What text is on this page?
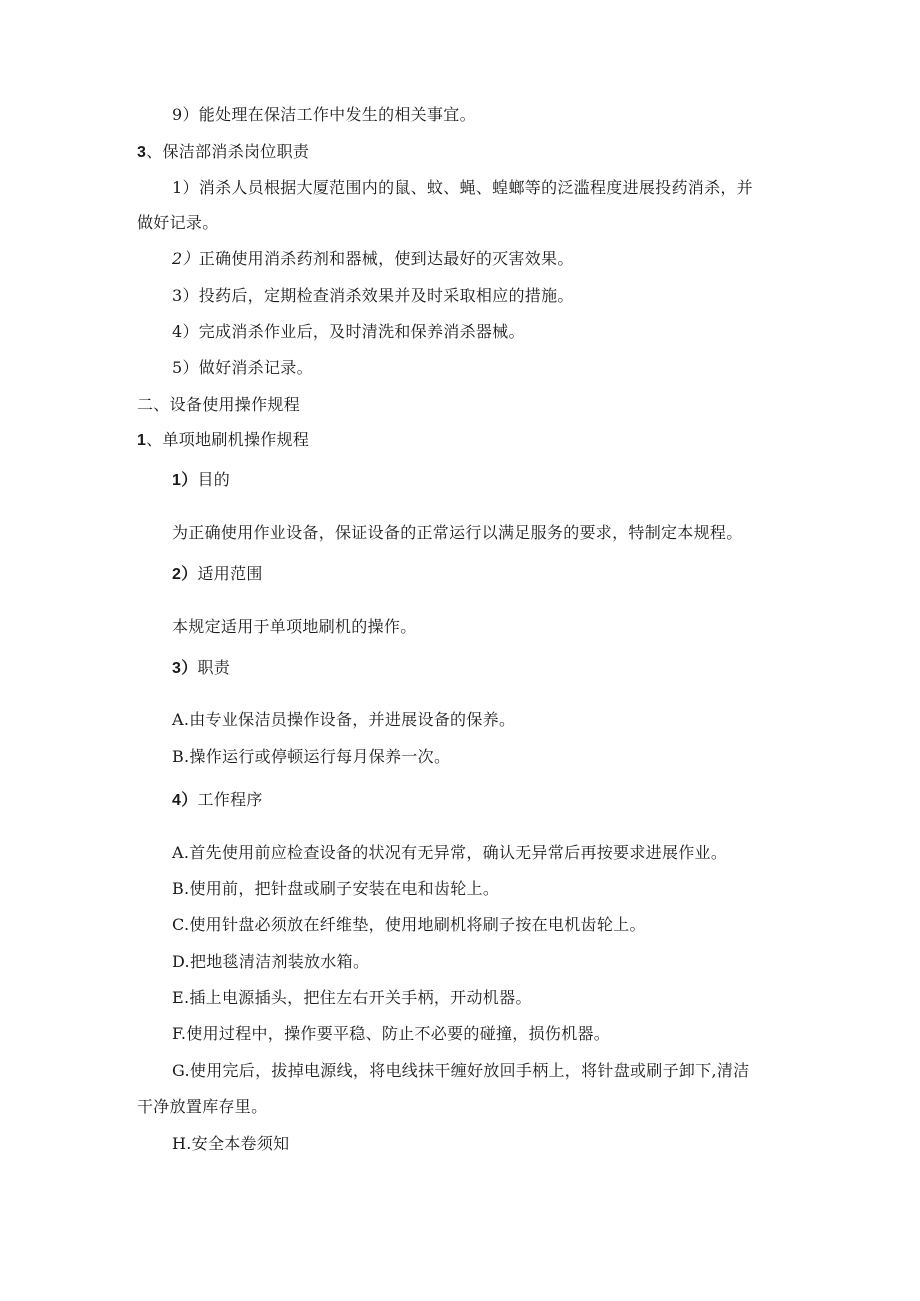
9）能处理在保洁工作中发生的相关事宜。
3、保洁部消杀岗位职责
1）消杀人员根据大厦范围内的鼠、蚊、蝇、蝗螂等的泛滥程度进展投药消杀，并
做好记录。
2）正确使用消杀药剂和器械，使到达最好的灭害效果。
3）投药后，定期检查消杀效果并及时采取相应的措施。
4）完成消杀作业后，及时清洗和保养消杀器械。
5）做好消杀记录。
二、设备使用操作规程
1、单项地刷机操作规程
1）目的
为正确使用作业设备，保证设备的正常运行以满足服务的要求，特制定本规程。
2）适用范围
本规定适用于单项地刷机的操作。
3）职责
A.由专业保洁员操作设备，并进展设备的保养。
B.操作运行或停顿运行每月保养一次。
4）工作程序
A.首先使用前应检查设备的状况有无异常，确认无异常后再按要求进展作业。
B.使用前，把针盘或刷子安装在电和齿轮上。
C.使用针盘必须放在纤维垫，使用地刷机将刷子按在电机齿轮上。
D.把地毯清洁剂装放水箱。
E.插上电源插头，把住左右开关手柄，开动机器。
F.使用过程中，操作要平稳、防止不必要的碰撞，损伤机器。
G.使用完后，拔掉电源线，将电线抹干缠好放回手柄上，将针盘或刷子卸下,清洁
干净放置库存里。
H.安全本卷须知
